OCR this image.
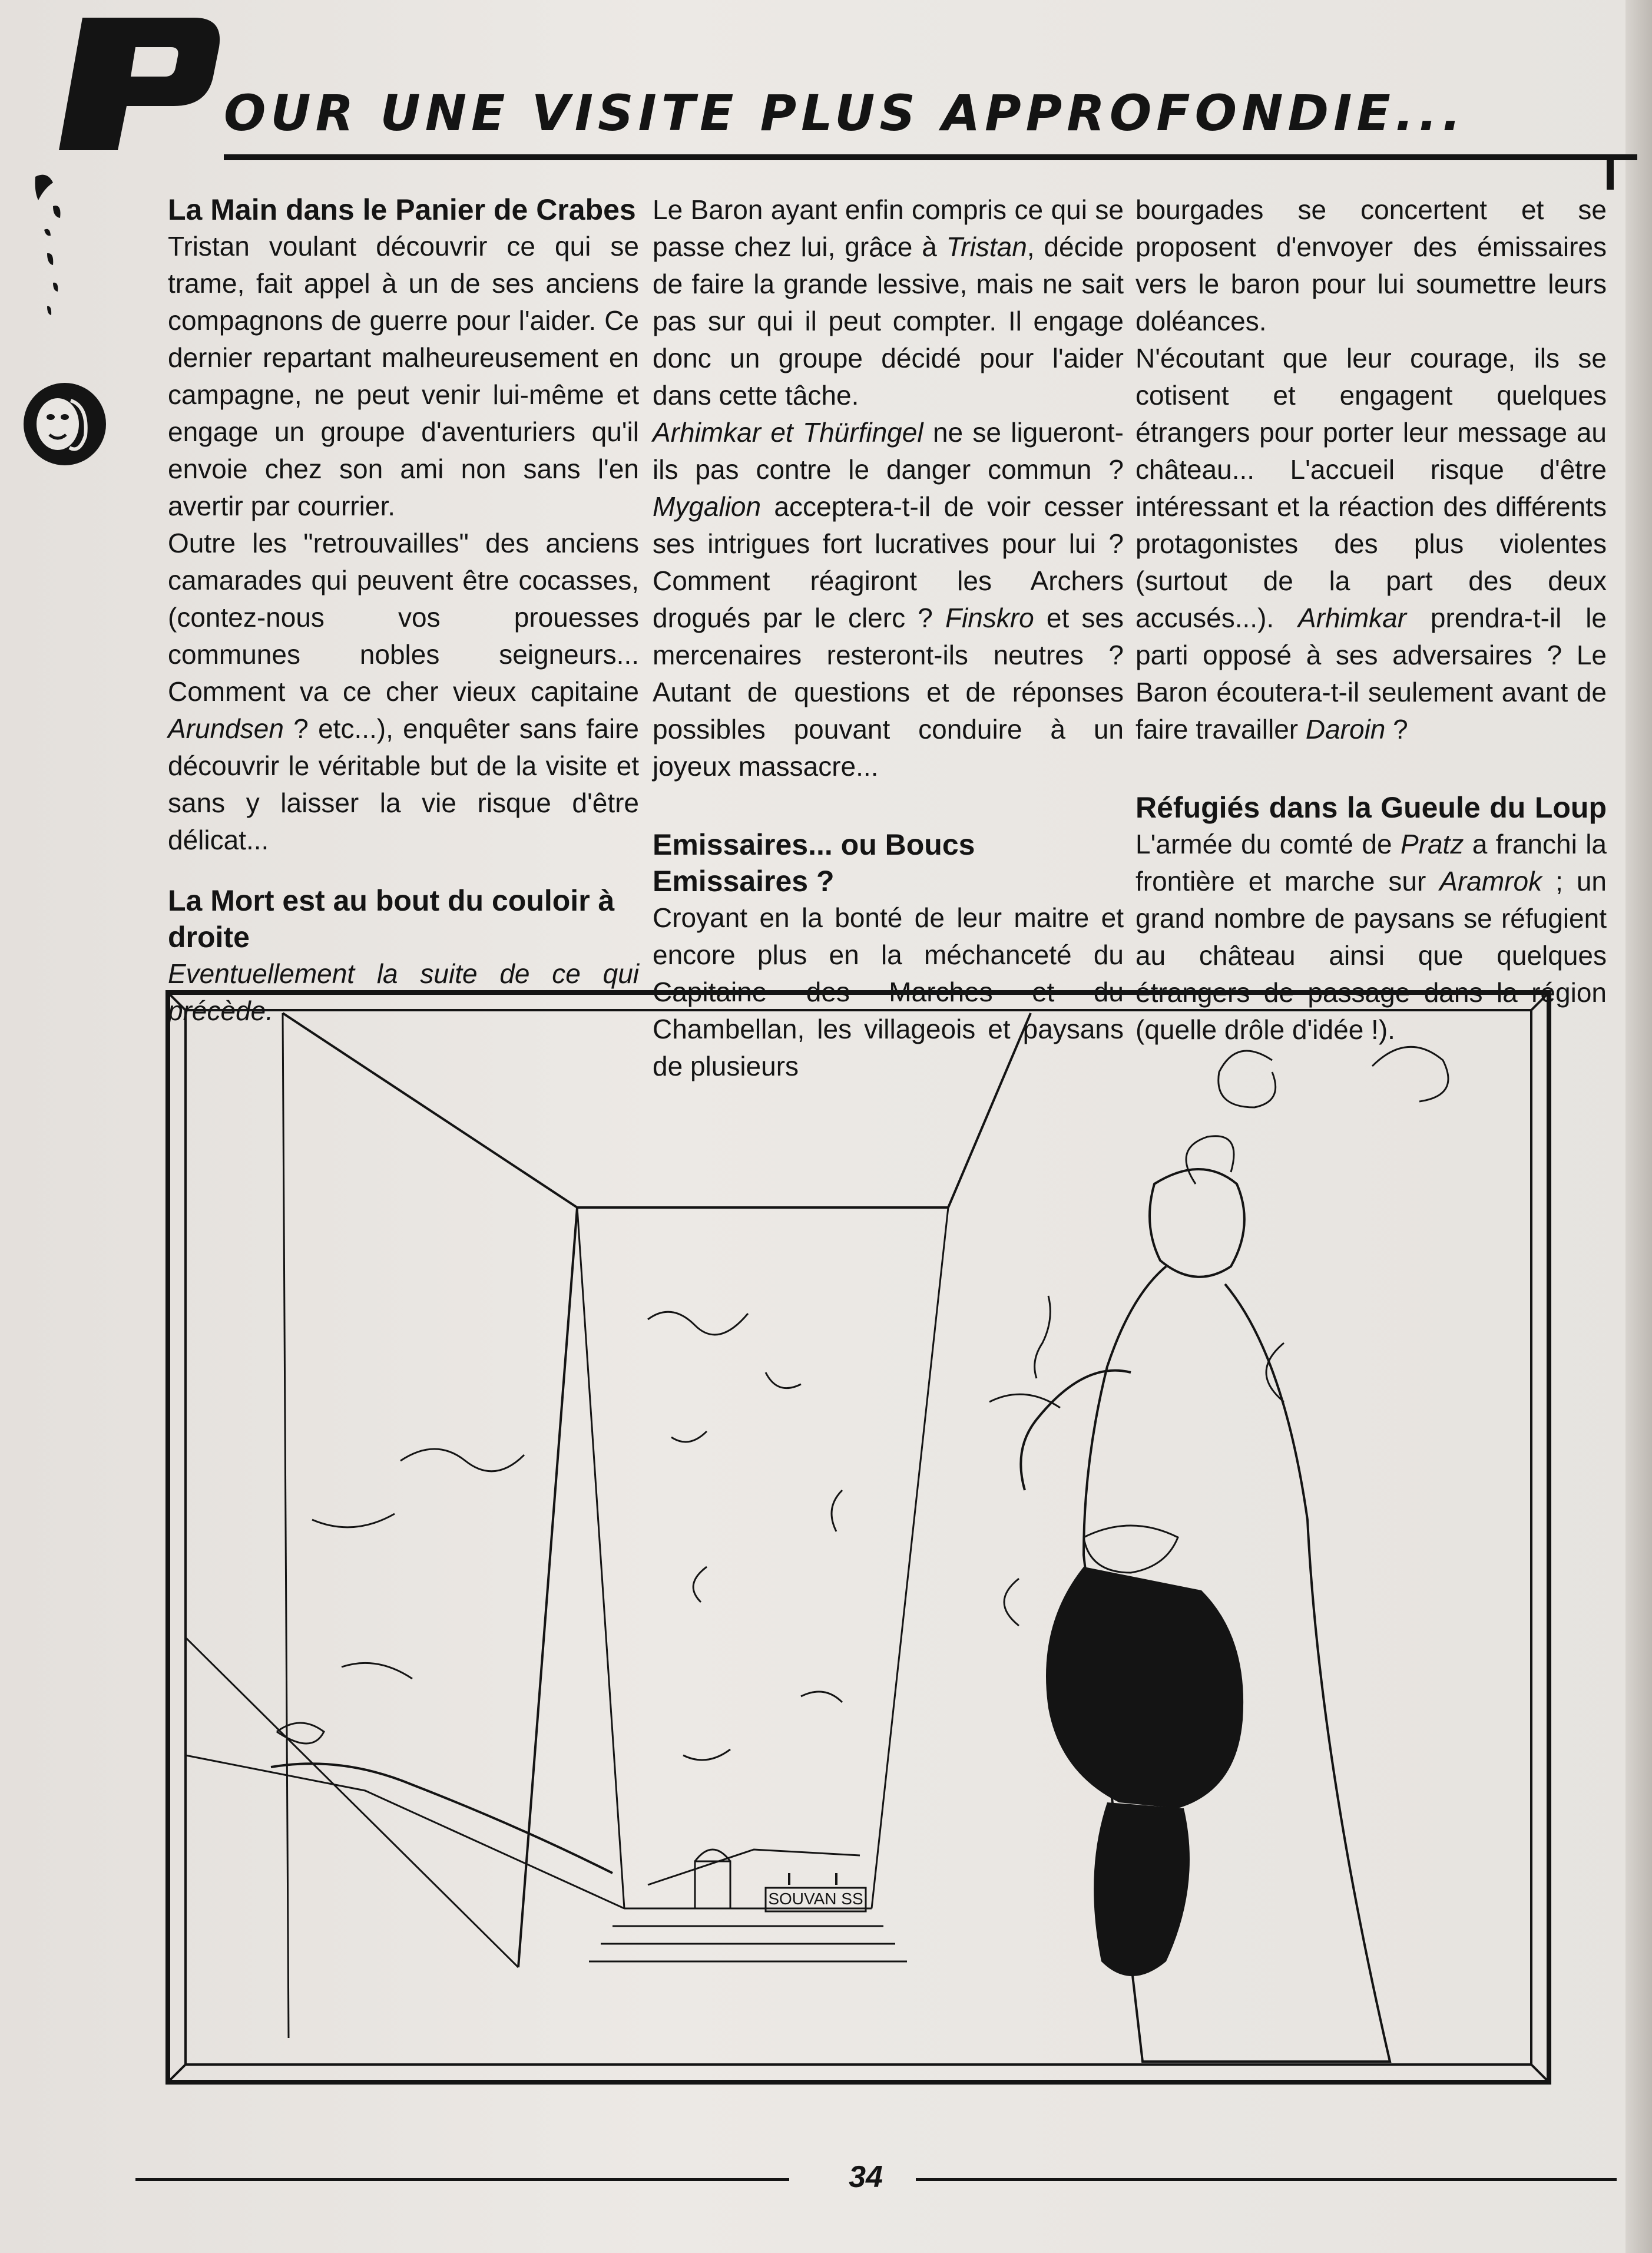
OUR UNE VISITE PLUS APPROFONDIE...
La Main dans le Panier de Crabes

Tristan voulant découvrir ce qui se trame, fait appel à un de ses anciens compagnons de guerre pour l'aider. Ce dernier repartant malheureusement en campagne, ne peut venir lui-même et engage un groupe d'aventuriers qu'il envoie chez son ami non sans l'en avertir par courrier.

Outre les "retrouvailles" des anciens camarades qui peuvent être cocasses, (contez-nous vos prouesses communes nobles seigneurs... Comment va ce cher vieux capitaine Arundsen ? etc...), enquêter sans faire découvrir le véritable but de la visite et sans y laisser la vie risque d'être délicat...

La Mort est au bout du couloir à droite

Eventuellement la suite de ce qui précède.

Le Baron ayant enfin compris ce qui se passe chez lui, grâce à Tristan, décide de faire la grande lessive, mais ne sait pas sur qui il peut compter. Il engage donc un groupe décidé pour l'aider dans cette tâche.

Arhimkar et Thürfingel ne se ligueront-ils pas contre le danger commun ? Mygalion acceptera-t-il de voir cesser ses intrigues fort lucratives pour lui ? Comment réagiront les Archers drogués par le clerc ? Finskro et ses mercenaires resteront-ils neutres ? Autant de questions et de réponses possibles pouvant conduire à un joyeux massacre...

Emissaires... ou Boucs Emissaires ?

Croyant en la bonté de leur maitre et encore plus en la méchanceté du Capitaine des Marches et du Chambellan, les villageois et paysans de plusieurs

bourgades se concertent et se proposent d'envoyer des émissaires vers le baron pour lui soumettre leurs doléances.

N'écoutant que leur courage, ils se cotisent et engagent quelques étrangers pour porter leur message au château... L'accueil risque d'être intéressant et la réaction des différents protagonistes des plus violentes (surtout de la part des deux accusés...). Arhimkar prendra-t-il le parti opposé à ses adversaires ? Le Baron écoutera-t-il seulement avant de faire travailler Daroin ?

Réfugiés dans la Gueule du Loup

L'armée du comté de Pratz a franchi la frontière et marche sur Aramrok ; un grand nombre de paysans se réfugient au château ainsi que quelques étrangers de passage dans la région (quelle drôle d'idée !).

SOUVAN SS
34
